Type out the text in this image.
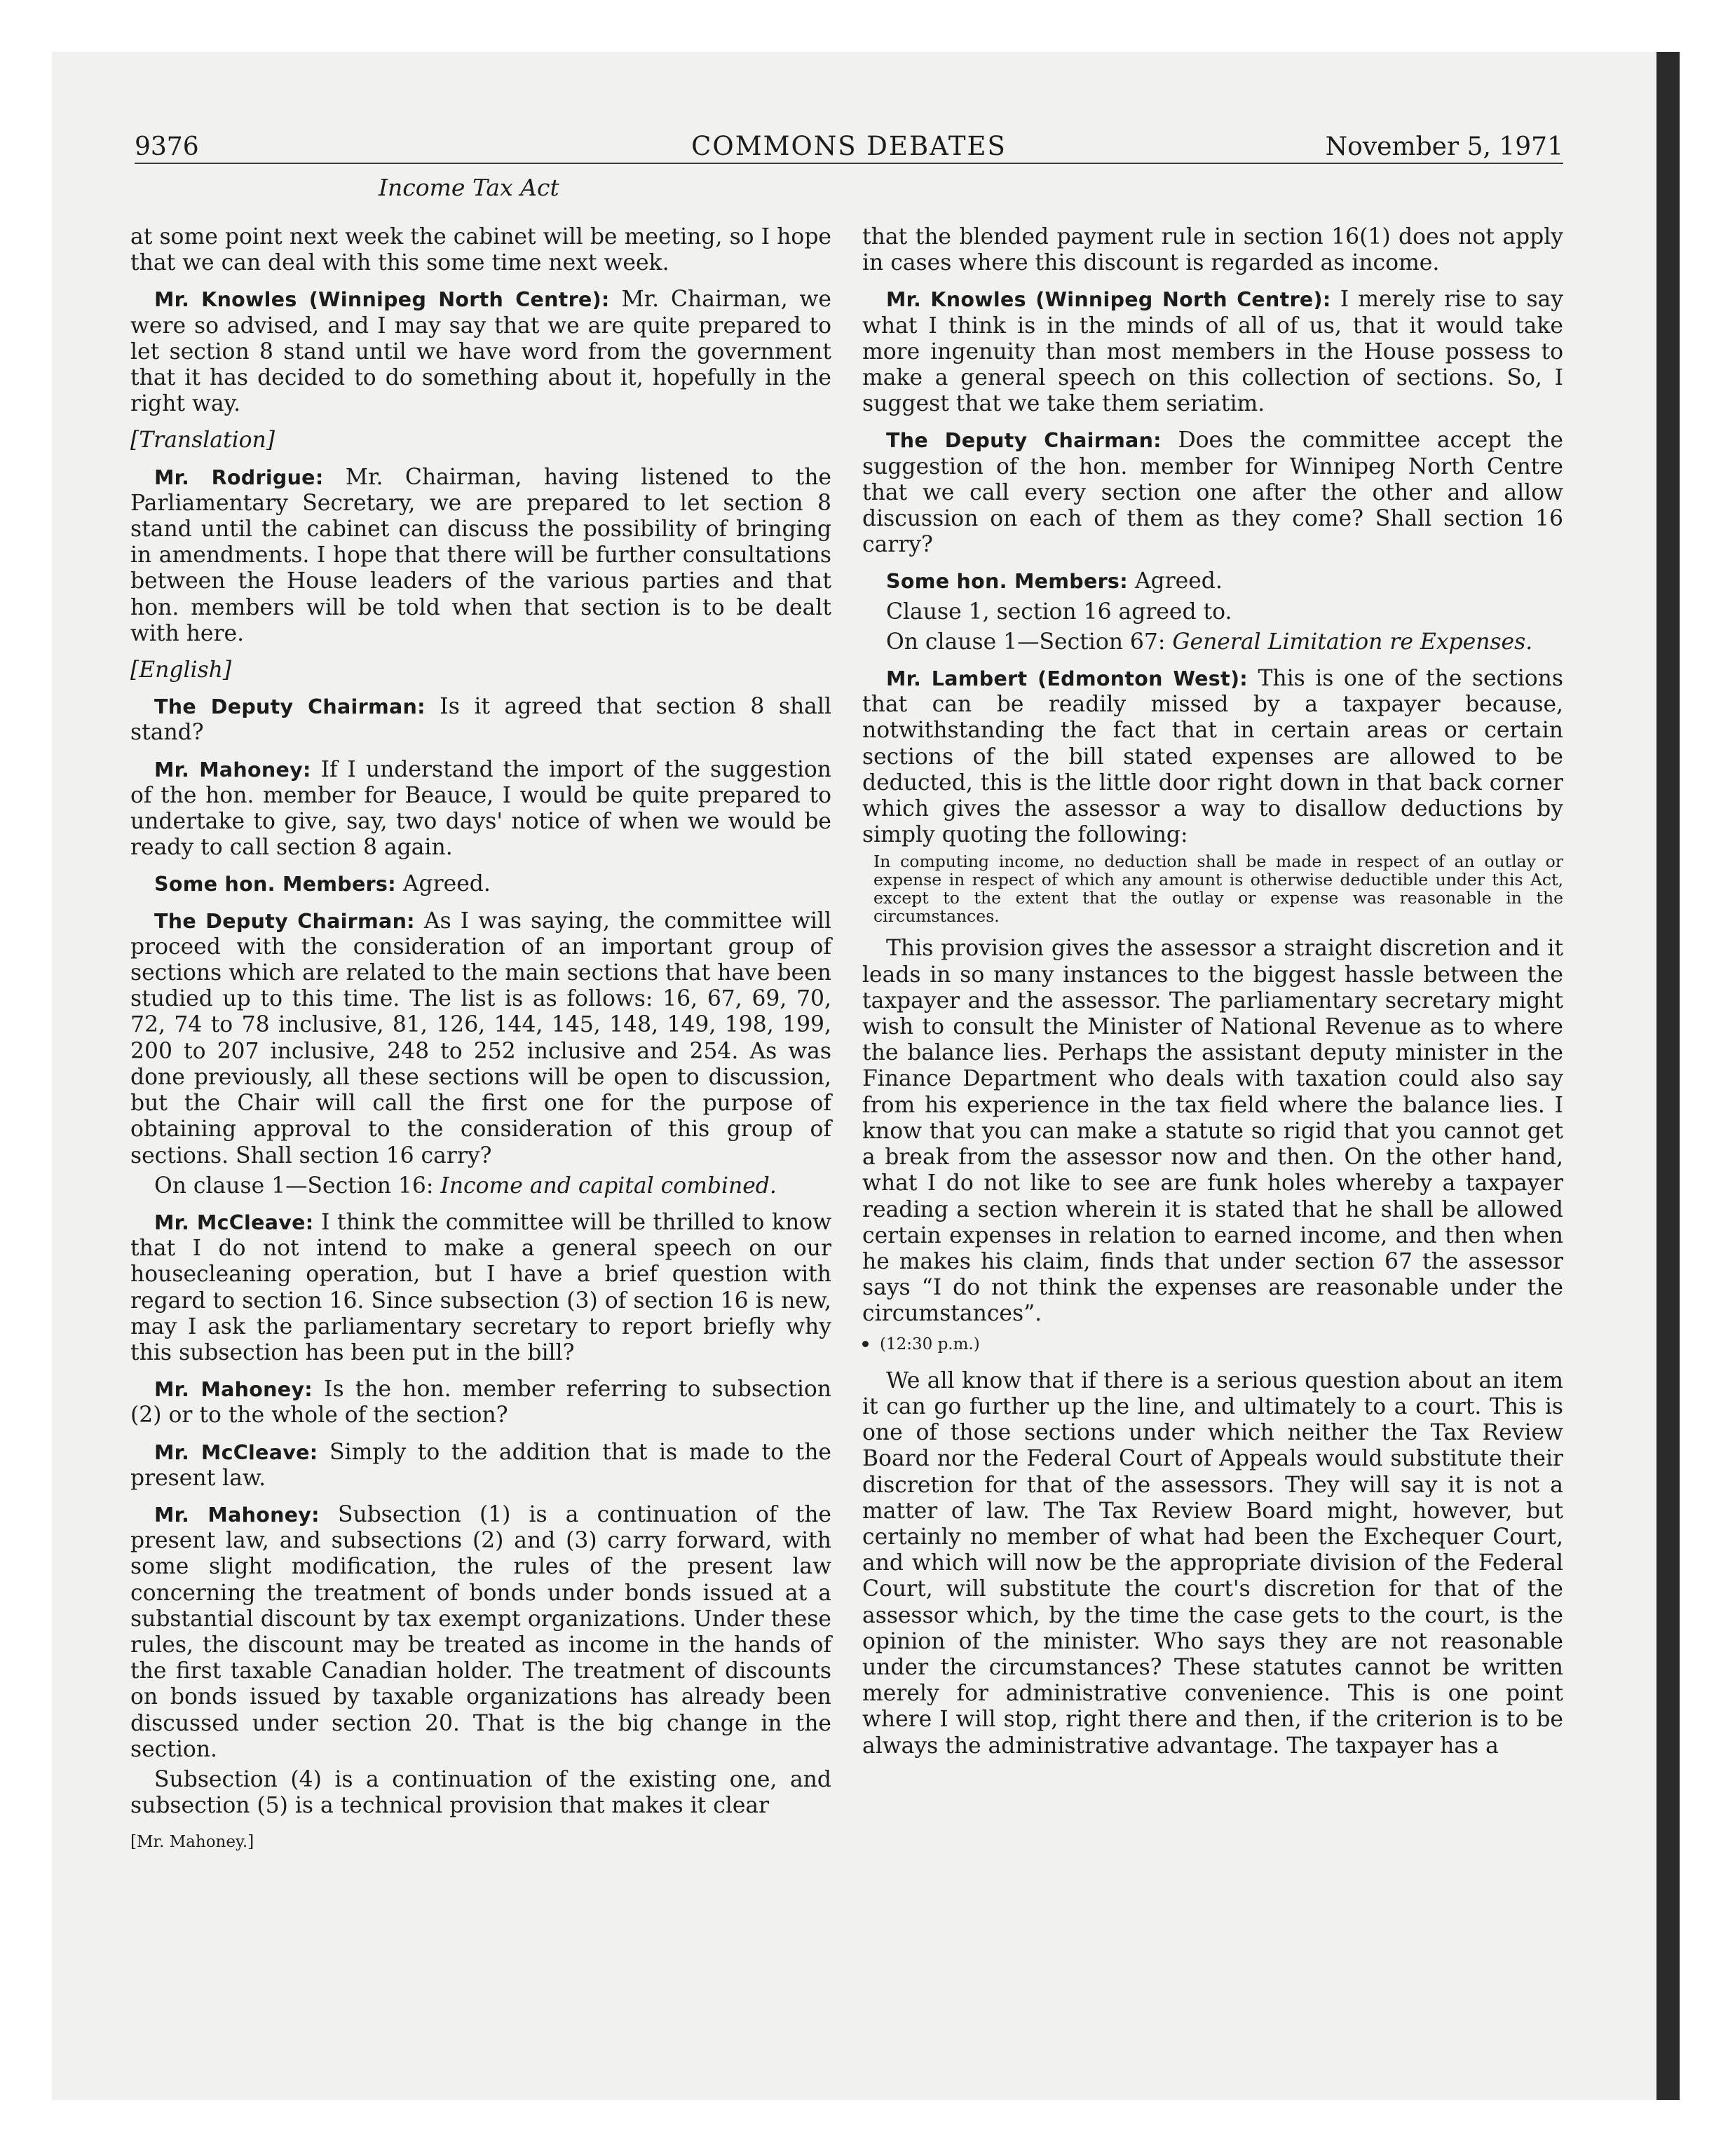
9376	COMMONS DEBATES	November 5, 1971
Income Tax Act

at some point next week the cabinet will be meeting, so I hope that we can deal with this some time next week.

Mr. Knowles (Winnipeg North Centre): Mr. Chairman, we were so advised, and I may say that we are quite prepared to let section 8 stand until we have word from the government that it has decided to do something about it, hopefully in the right way.

[Translation]

Mr. Rodrigue: Mr. Chairman, having listened to the Parliamentary Secretary, we are prepared to let section 8 stand until the cabinet can discuss the possibility of bringing in amendments. I hope that there will be further consultations between the House leaders of the various parties and that hon. members will be told when that section is to be dealt with here.

[English]

The Deputy Chairman: Is it agreed that section 8 shall stand?

Mr. Mahoney: If I understand the import of the suggestion of the hon. member for Beauce, I would be quite prepared to undertake to give, say, two days' notice of when we would be ready to call section 8 again.

Some hon. Members: Agreed.

The Deputy Chairman: As I was saying, the committee will proceed with the consideration of an important group of sections which are related to the main sections that have been studied up to this time. The list is as follows: 16, 67, 69, 70, 72, 74 to 78 inclusive, 81, 126, 144, 145, 148, 149, 198, 199, 200 to 207 inclusive, 248 to 252 inclusive and 254. As was done previously, all these sections will be open to discussion, but the Chair will call the first one for the purpose of obtaining approval to the consideration of this group of sections. Shall section 16 carry?

On clause 1—Section 16: Income and capital combined.

Mr. McCleave: I think the committee will be thrilled to know that I do not intend to make a general speech on our housecleaning operation, but I have a brief question with regard to section 16. Since subsection (3) of section 16 is new, may I ask the parliamentary secretary to report briefly why this subsection has been put in the bill?

Mr. Mahoney: Is the hon. member referring to subsection (2) or to the whole of the section?

Mr. McCleave: Simply to the addition that is made to the present law.

Mr. Mahoney: Subsection (1) is a continuation of the present law, and subsections (2) and (3) carry forward, with some slight modification, the rules of the present law concerning the treatment of bonds under bonds issued at a substantial discount by tax exempt organizations. Under these rules, the discount may be treated as income in the hands of the first taxable Canadian holder. The treatment of discounts on bonds issued by taxable organizations has already been discussed under section 20. That is the big change in the section.

Subsection (4) is a continuation of the existing one, and subsection (5) is a technical provision that makes it clear

[Mr. Mahoney.]

that the blended payment rule in section 16(1) does not apply in cases where this discount is regarded as income.

Mr. Knowles (Winnipeg North Centre): I merely rise to say what I think is in the minds of all of us, that it would take more ingenuity than most members in the House possess to make a general speech on this collection of sections. So, I suggest that we take them seriatim.

The Deputy Chairman: Does the committee accept the suggestion of the hon. member for Winnipeg North Centre that we call every section one after the other and allow discussion on each of them as they come? Shall section 16 carry?

Some hon. Members: Agreed.

Clause 1, section 16 agreed to.

On clause 1—Section 67: General Limitation re Expenses.

Mr. Lambert (Edmonton West): This is one of the sections that can be readily missed by a taxpayer because, notwithstanding the fact that in certain areas or certain sections of the bill stated expenses are allowed to be deducted, this is the little door right down in that back corner which gives the assessor a way to disallow deductions by simply quoting the following:

In computing income, no deduction shall be made in respect of an outlay or expense in respect of which any amount is otherwise deductible under this Act, except to the extent that the outlay or expense was reasonable in the circumstances.

This provision gives the assessor a straight discretion and it leads in so many instances to the biggest hassle between the taxpayer and the assessor. The parliamentary secretary might wish to consult the Minister of National Revenue as to where the balance lies. Perhaps the assistant deputy minister in the Finance Department who deals with taxation could also say from his experience in the tax field where the balance lies. I know that you can make a statute so rigid that you cannot get a break from the assessor now and then. On the other hand, what I do not like to see are funk holes whereby a taxpayer reading a section wherein it is stated that he shall be allowed certain expenses in relation to earned income, and then when he makes his claim, finds that under section 67 the assessor says “I do not think the expenses are reasonable under the circumstances”.

(12:30 p.m.)

We all know that if there is a serious question about an item it can go further up the line, and ultimately to a court. This is one of those sections under which neither the Tax Review Board nor the Federal Court of Appeals would substitute their discretion for that of the assessors. They will say it is not a matter of law. The Tax Review Board might, however, but certainly no member of what had been the Exchequer Court, and which will now be the appropriate division of the Federal Court, will substitute the court's discretion for that of the assessor which, by the time the case gets to the court, is the opinion of the minister. Who says they are not reasonable under the circumstances? These statutes cannot be written merely for administrative convenience. This is one point where I will stop, right there and then, if the criterion is to be always the administrative advantage. The taxpayer has a
